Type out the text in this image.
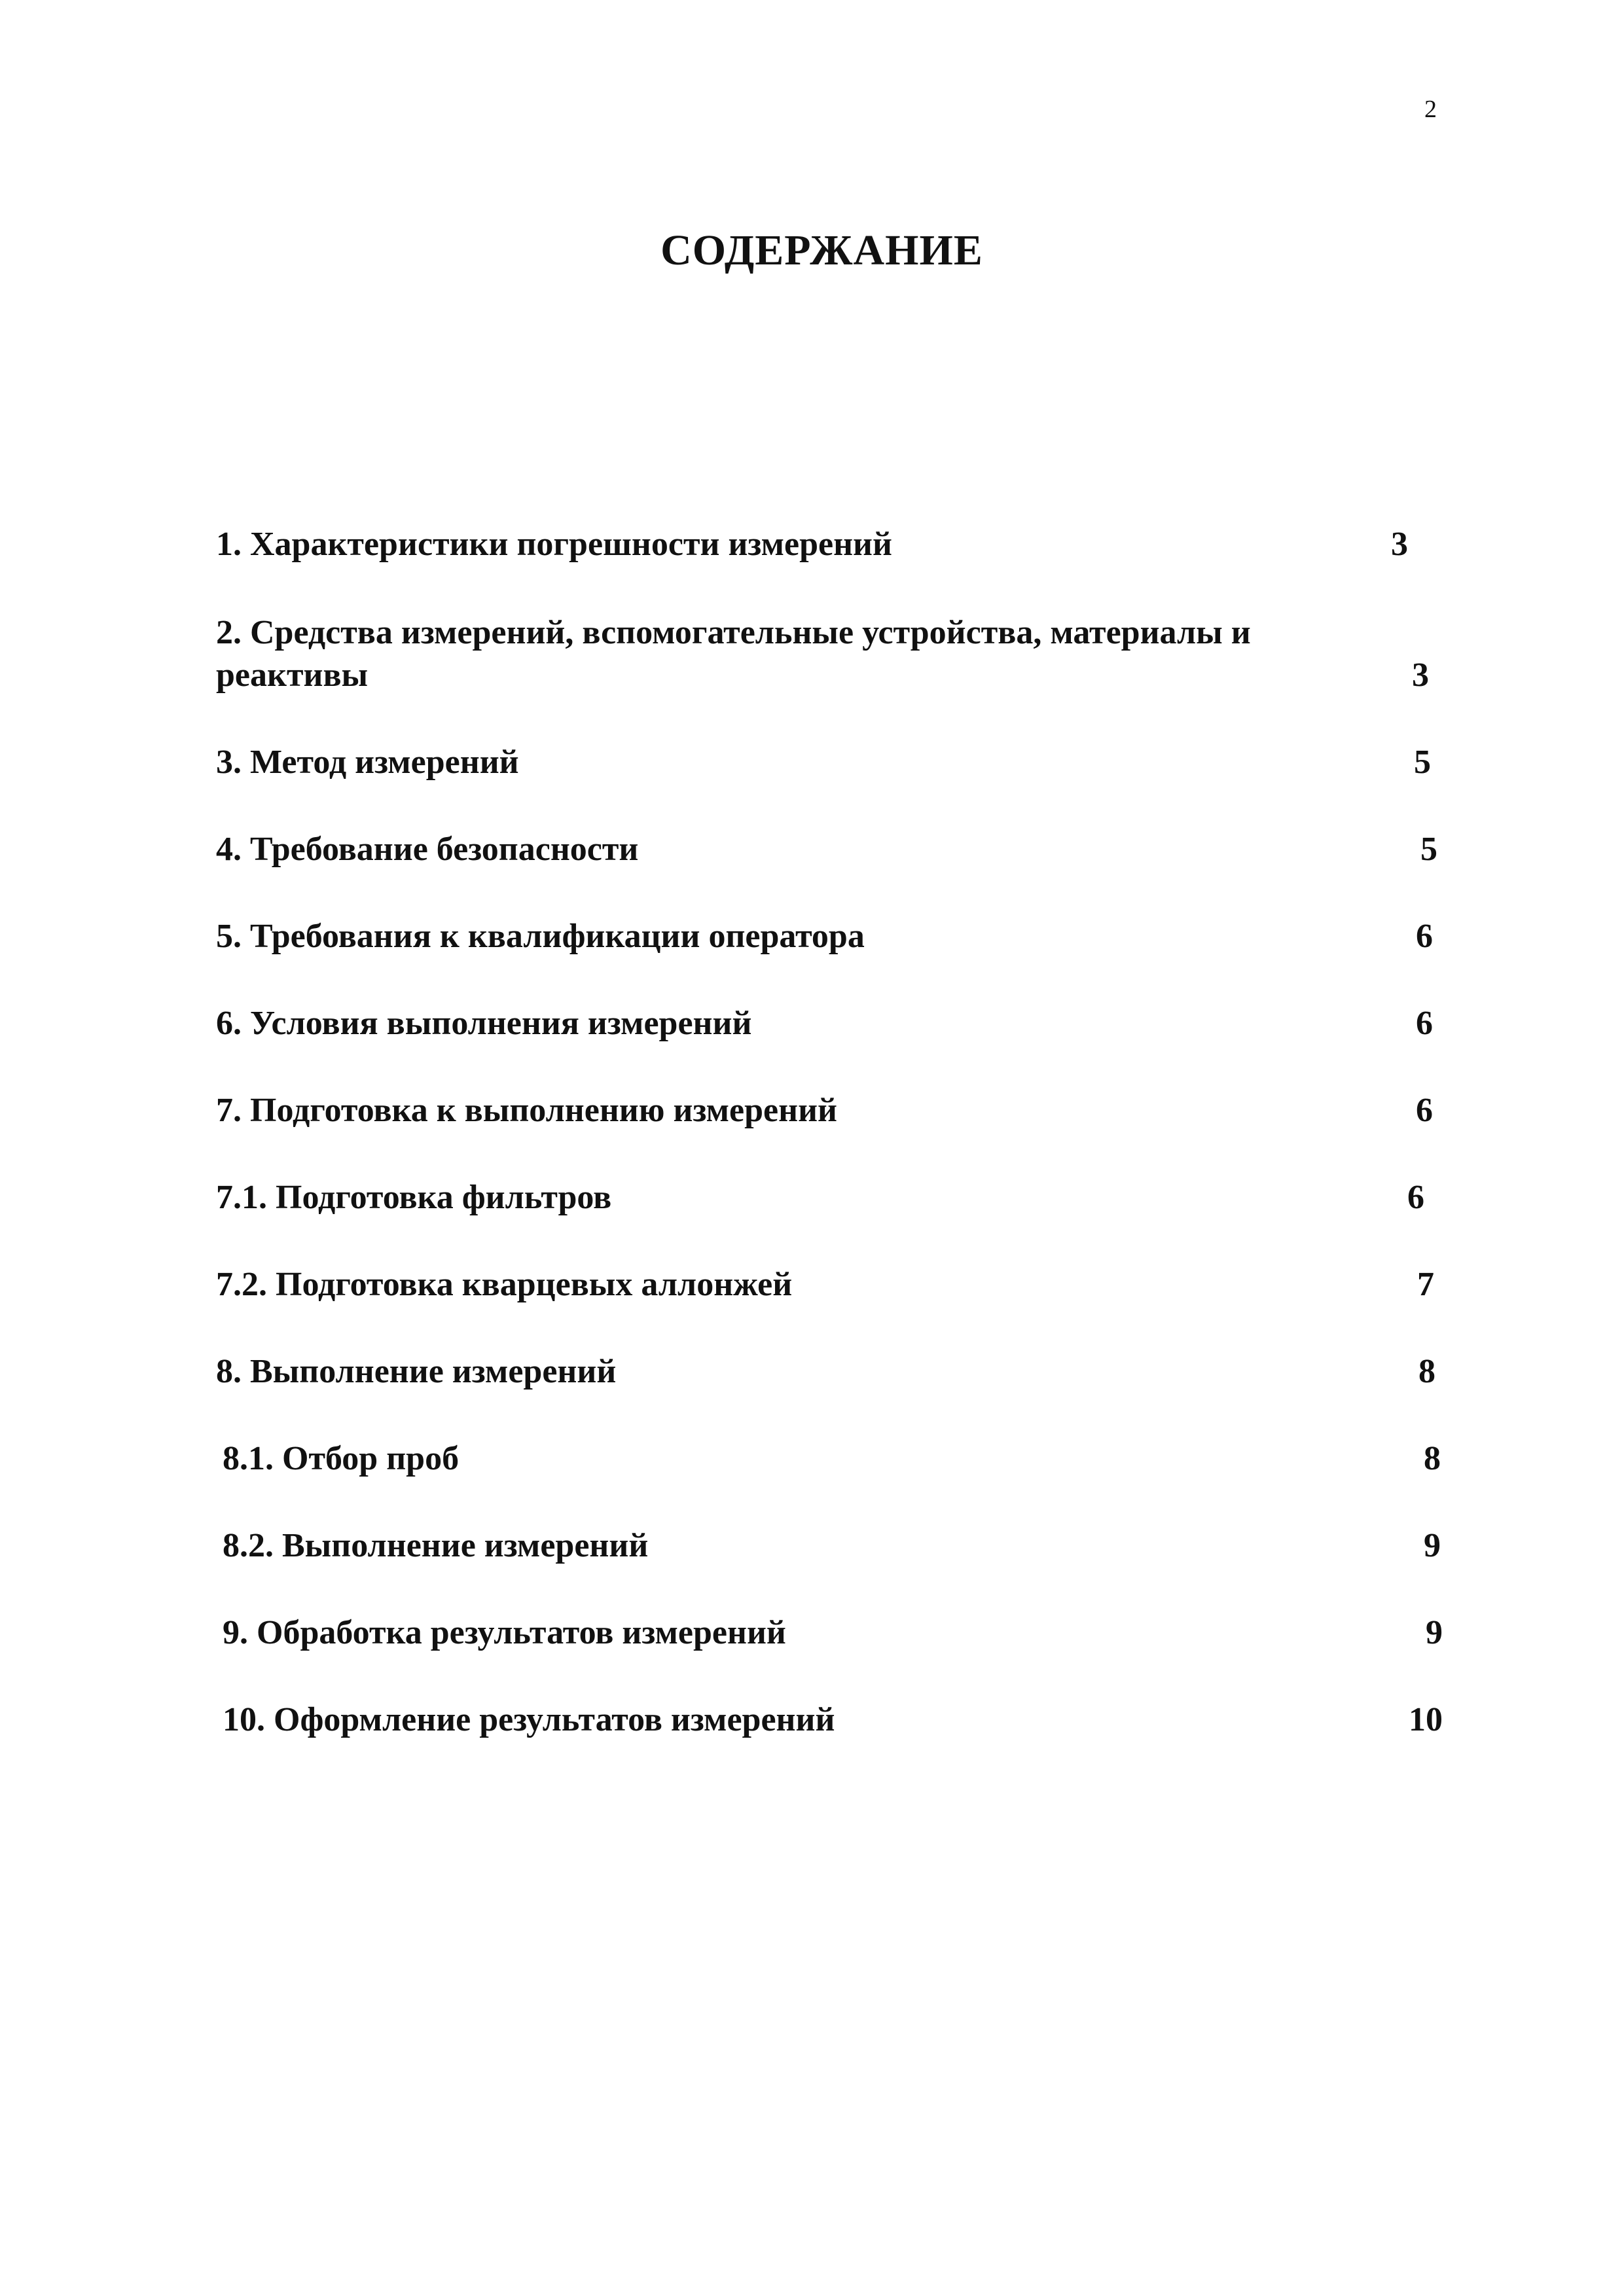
2
СОДЕРЖАНИЕ
1. Характеристики погрешности измерений	3
2. Средства измерений, вспомогательные устройства, материалы и
реактивы	3
3. Метод измерений	5
4. Требование безопасности	5
5. Требования к квалификации оператора	6
6. Условия выполнения измерений	6
7. Подготовка к выполнению измерений	6
7.1. Подготовка фильтров	6
7.2. Подготовка кварцевых аллонжей	7
8. Выполнение измерений	8
8.1. Отбор проб	8
8.2. Выполнение измерений	9
9. Обработка результатов измерений	9
10. Оформление результатов измерений	10
